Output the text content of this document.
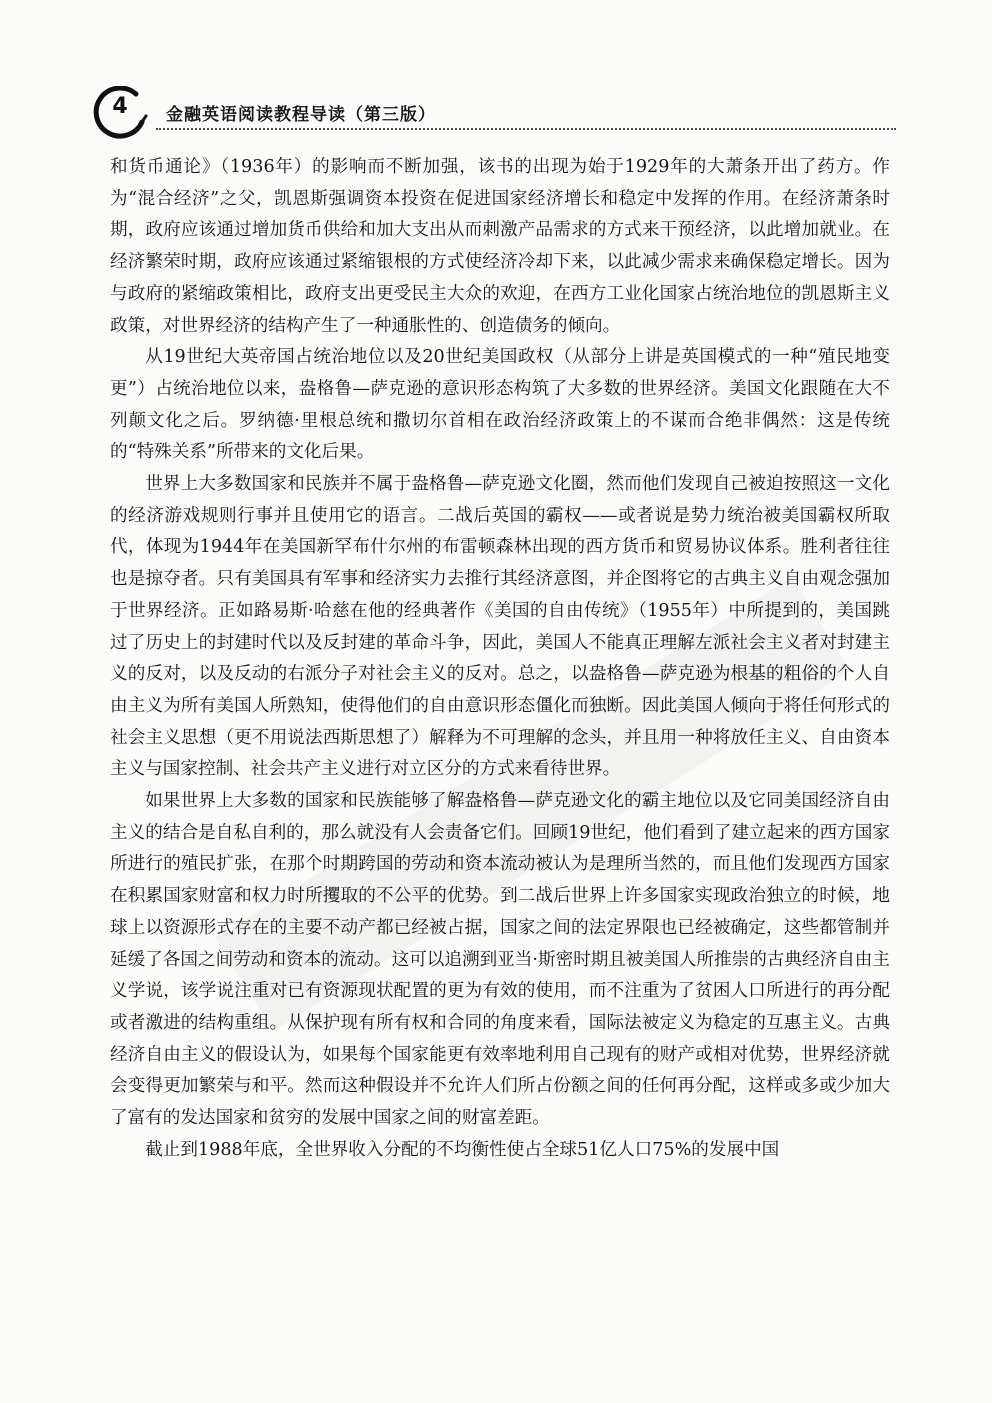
4	金融英语阅读教程导读（第三版）

和货币通论》（1936年）的影响而不断加强，该书的出现为始于1929年的大萧条开出了药方。作为“混合经济”之父，凯恩斯强调资本投资在促进国家经济增长和稳定中发挥的作用。在经济萧条时期，政府应该通过增加货币供给和加大支出从而刺激产品需求的方式来干预经济，以此增加就业。在经济繁荣时期，政府应该通过紧缩银根的方式使经济冷却下来，以此减少需求来确保稳定增长。因为与政府的紧缩政策相比，政府支出更受民主大众的欢迎，在西方工业化国家占统治地位的凯恩斯主义政策，对世界经济的结构产生了一种通胀性的、创造债务的倾向。

从19世纪大英帝国占统治地位以及20世纪美国政权（从部分上讲是英国模式的一种“殖民地变更”）占统治地位以来，盎格鲁—萨克逊的意识形态构筑了大多数的世界经济。美国文化跟随在大不列颠文化之后。罗纳德·里根总统和撒切尔首相在政治经济政策上的不谋而合绝非偶然：这是传统的“特殊关系”所带来的文化后果。

世界上大多数国家和民族并不属于盎格鲁—萨克逊文化圈，然而他们发现自己被迫按照这一文化的经济游戏规则行事并且使用它的语言。二战后英国的霸权——或者说是势力统治被美国霸权所取代，体现为1944年在美国新罕布什尔州的布雷顿森林出现的西方货币和贸易协议体系。胜利者往往也是掠夺者。只有美国具有军事和经济实力去推行其经济意图，并企图将它的古典主义自由观念强加于世界经济。正如路易斯·哈慈在他的经典著作《美国的自由传统》（1955年）中所提到的，美国跳过了历史上的封建时代以及反封建的革命斗争，因此，美国人不能真正理解左派社会主义者对封建主义的反对，以及反动的右派分子对社会主义的反对。总之，以盎格鲁—萨克逊为根基的粗俗的个人自由主义为所有美国人所熟知，使得他们的自由意识形态僵化而独断。因此美国人倾向于将任何形式的社会主义思想（更不用说法西斯思想了）解释为不可理解的念头，并且用一种将放任主义、自由资本主义与国家控制、社会共产主义进行对立区分的方式来看待世界。

如果世界上大多数的国家和民族能够了解盎格鲁—萨克逊文化的霸主地位以及它同美国经济自由主义的结合是自私自利的，那么就没有人会责备它们。回顾19世纪，他们看到了建立起来的西方国家所进行的殖民扩张，在那个时期跨国的劳动和资本流动被认为是理所当然的，而且他们发现西方国家在积累国家财富和权力时所攫取的不公平的优势。到二战后世界上许多国家实现政治独立的时候，地球上以资源形式存在的主要不动产都已经被占据，国家之间的法定界限也已经被确定，这些都管制并延缓了各国之间劳动和资本的流动。这可以追溯到亚当·斯密时期且被美国人所推崇的古典经济自由主义学说，该学说注重对已有资源现状配置的更为有效的使用，而不注重为了贫困人口所进行的再分配或者激进的结构重组。从保护现有所有权和合同的角度来看，国际法被定义为稳定的互惠主义。古典经济自由主义的假设认为，如果每个国家能更有效率地利用自己现有的财产或相对优势，世界经济就会变得更加繁荣与和平。然而这种假设并不允许人们所占份额之间的任何再分配，这样或多或少加大了富有的发达国家和贫穷的发展中国家之间的财富差距。

截止到1988年底，全世界收入分配的不均衡性使占全球51亿人口75%的发展中国
